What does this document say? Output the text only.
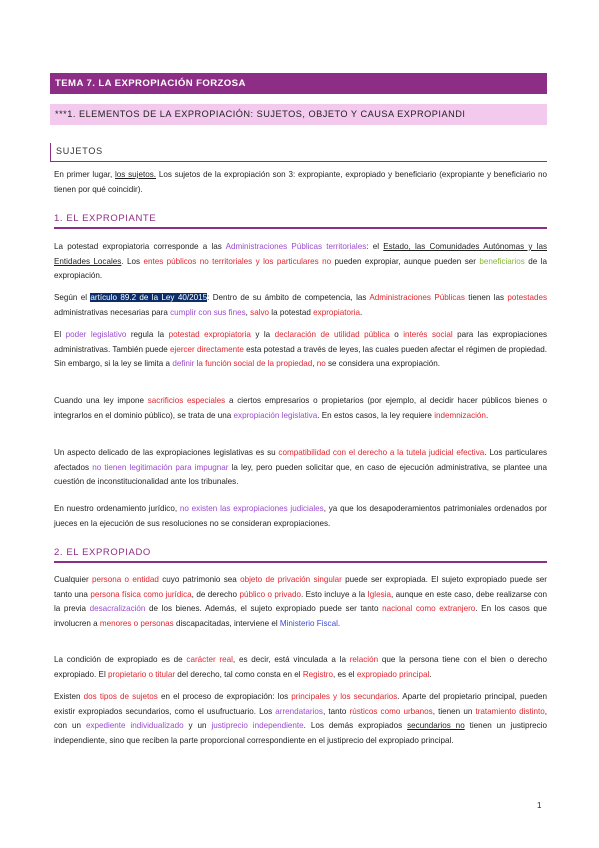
TEMA 7. LA EXPROPIACIÓN FORZOSA
***1. ELEMENTOS DE LA EXPROPIACIÓN: SUJETOS, OBJETO Y CAUSA EXPROPIANDI
SUJETOS

En primer lugar, los sujetos. Los sujetos de la expropiación son 3: expropiante, expropiado y beneficiario (expropiante y beneficiario no tienen por qué coincidir).

1. EL EXPROPIANTE

La potestad expropiatoria corresponde a las Administraciones Públicas territoriales: el Estado, las Comunidades Autónomas y las Entidades Locales. Los entes públicos no territoriales y los particulares no pueden expropiar, aunque pueden ser beneficiarios de la expropiación.

Según el artículo 89.2 de la Ley 40/2015: Dentro de su ámbito de competencia, las Administraciones Públicas tienen las potestades administrativas necesarias para cumplir con sus fines, salvo la potestad expropiatoria.

El poder legislativo regula la potestad expropiatoria y la declaración de utilidad pública o interés social para las expropiaciones administrativas. También puede ejercer directamente esta potestad a través de leyes, las cuales pueden afectar el régimen de propiedad. Sin embargo, si la ley se limita a definir la función social de la propiedad, no se considera una expropiación.

Cuando una ley impone sacrificios especiales a ciertos empresarios o propietarios (por ejemplo, al decidir hacer públicos bienes o integrarlos en el dominio público), se trata de una expropiación legislativa. En estos casos, la ley requiere indemnización.

Un aspecto delicado de las expropiaciones legislativas es su compatibilidad con el derecho a la tutela judicial efectiva. Los particulares afectados no tienen legitimación para impugnar la ley, pero pueden solicitar que, en caso de ejecución administrativa, se plantee una cuestión de inconstitucionalidad ante los tribunales.

En nuestro ordenamiento jurídico, no existen las expropiaciones judiciales, ya que los desapoderamientos patrimoniales ordenados por jueces en la ejecución de sus resoluciones no se consideran expropiaciones.

2. EL EXPROPIADO

Cualquier persona o entidad cuyo patrimonio sea objeto de privación singular puede ser expropiada. El sujeto expropiado puede ser tanto una persona física como jurídica, de derecho público o privado. Esto incluye a la Iglesia, aunque en este caso, debe realizarse con la previa desacralización de los bienes. Además, el sujeto expropiado puede ser tanto nacional como extranjero. En los casos que involucren a menores o personas discapacitadas, interviene el Ministerio Fiscal.

La condición de expropiado es de carácter real, es decir, está vinculada a la relación que la persona tiene con el bien o derecho expropiado. El propietario o titular del derecho, tal como consta en el Registro, es el expropiado principal.

Existen dos tipos de sujetos en el proceso de expropiación: los principales y los secundarios. Aparte del propietario principal, pueden existir expropiados secundarios, como el usufructuario. Los arrendatarios, tanto rústicos como urbanos, tienen un tratamiento distinto, con un expediente individualizado y un justiprecio independiente. Los demás expropiados secundarios no tienen un justiprecio independiente, sino que reciben la parte proporcional correspondiente en el justiprecio del expropiado principal.

1
